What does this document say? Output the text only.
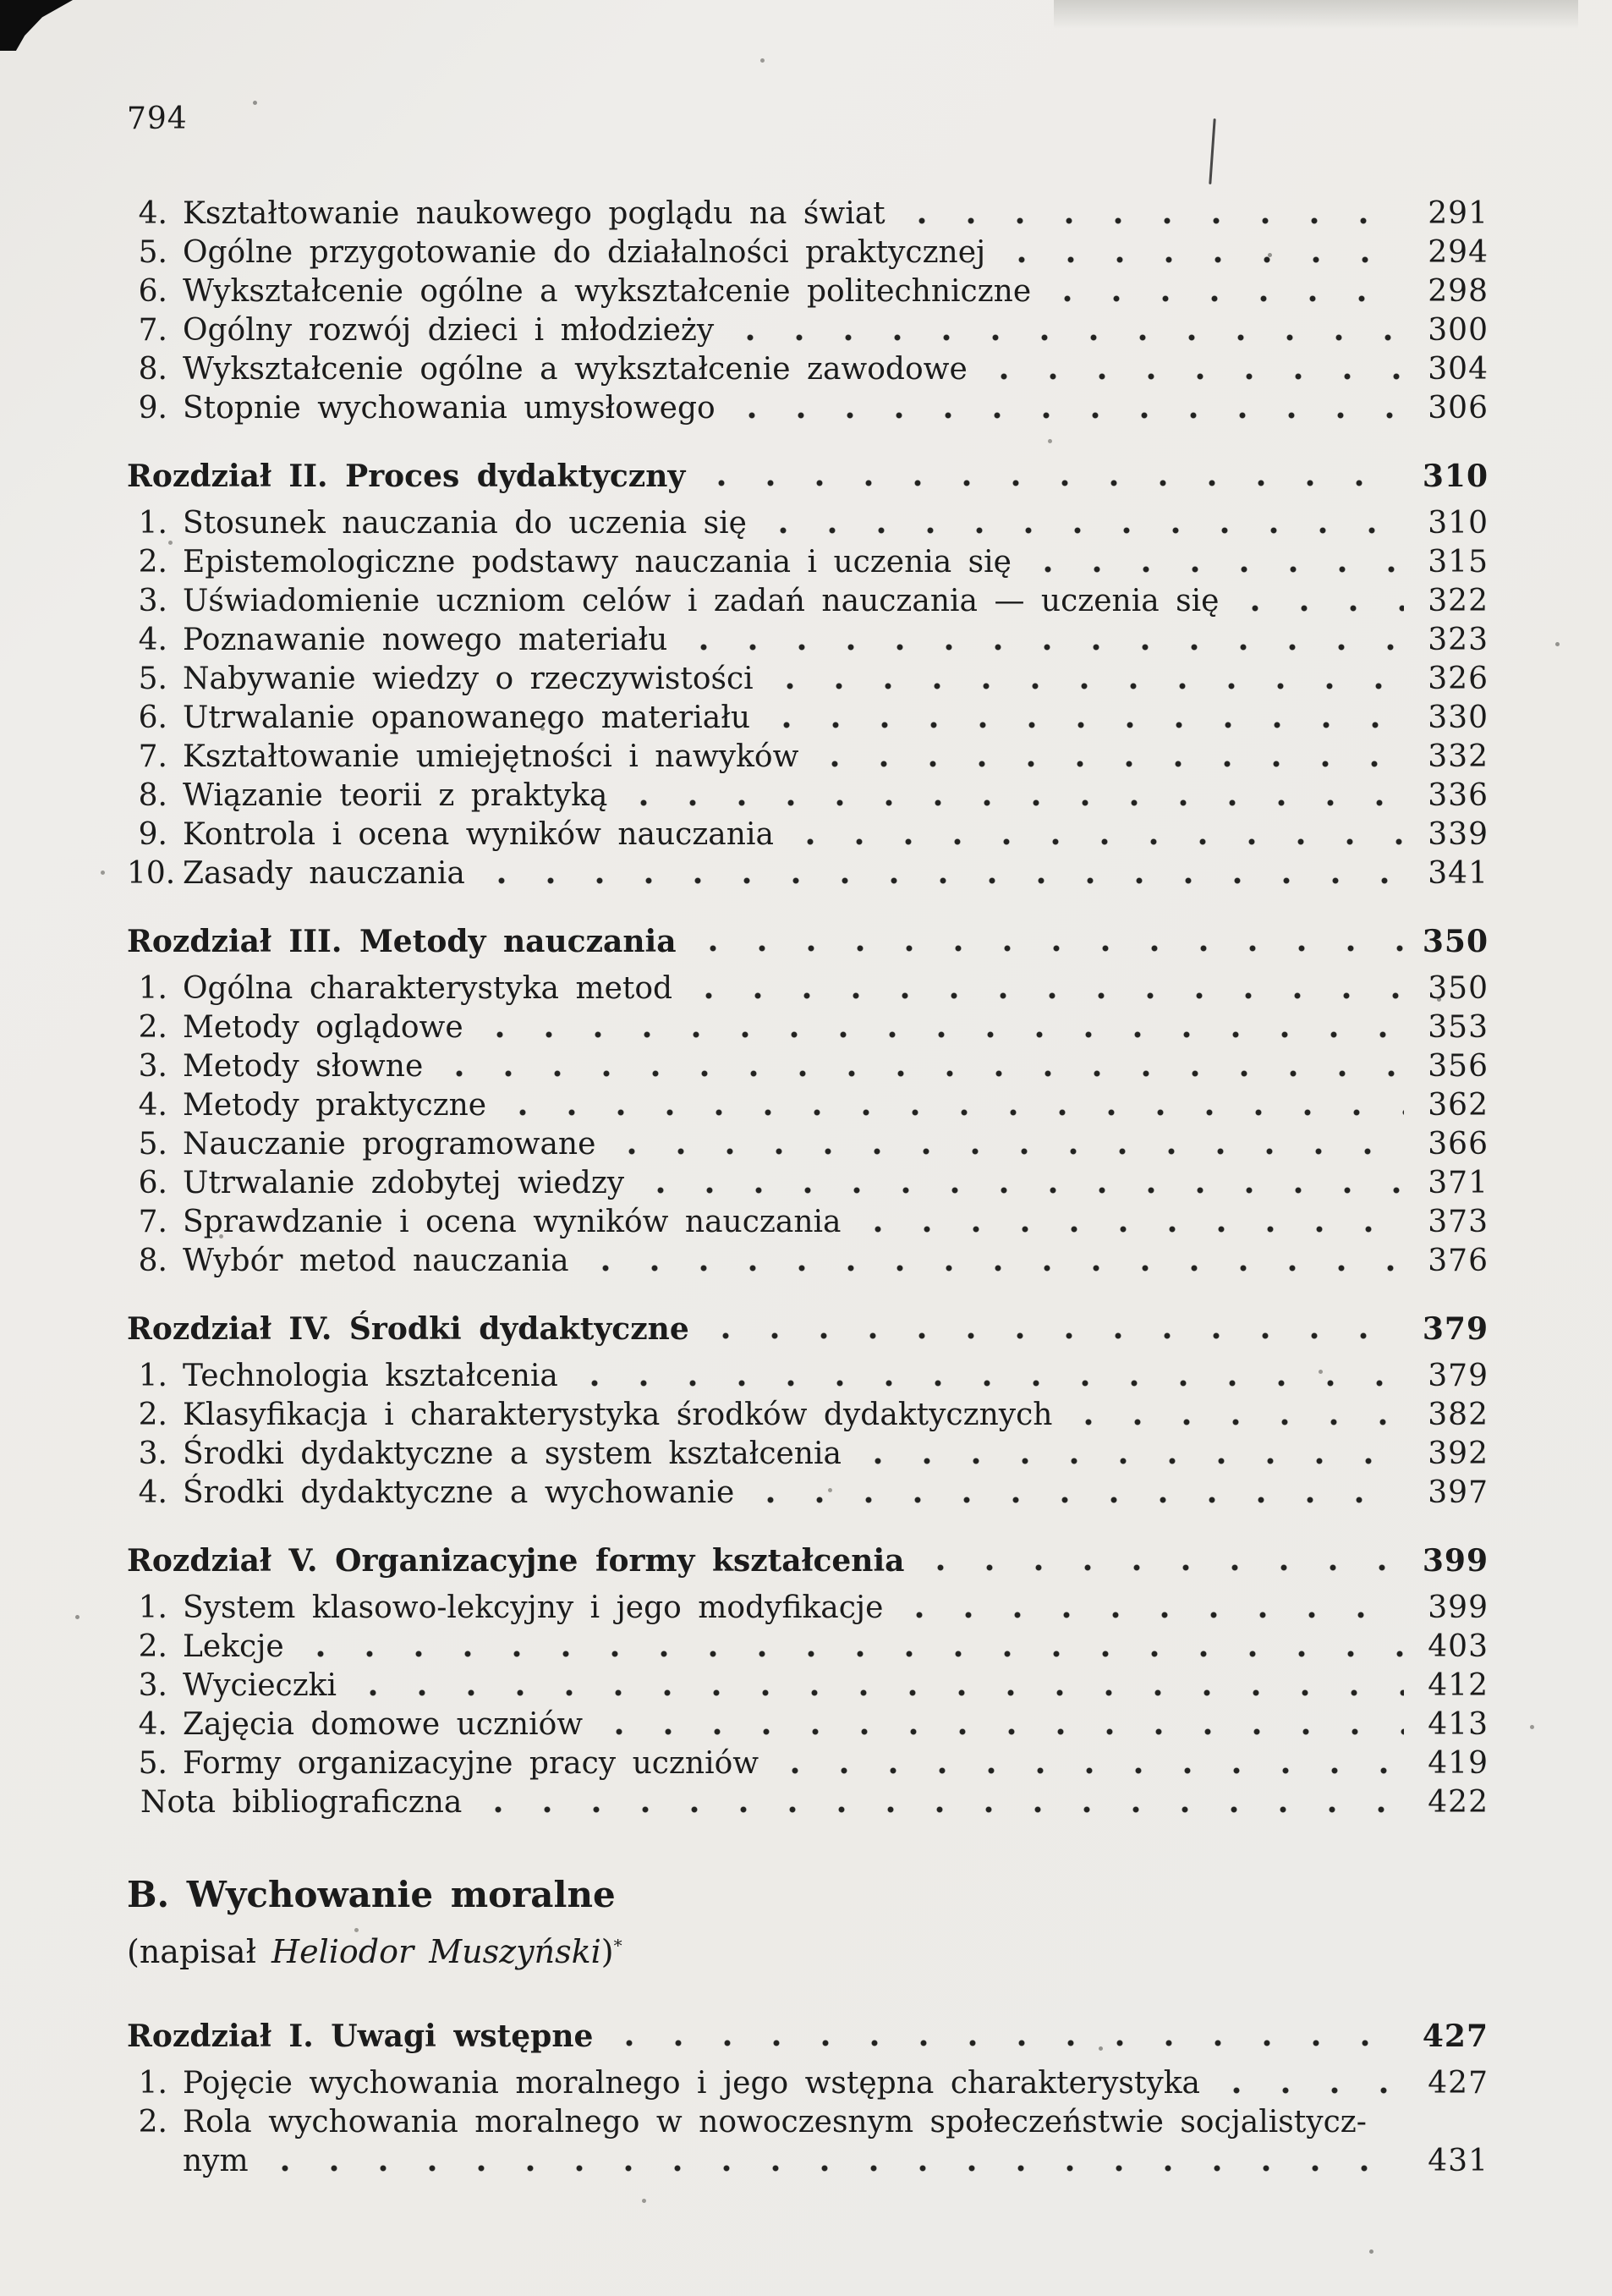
794
4. Kształtowanie naukowego poglądu na świat	291
5. Ogólne przygotowanie do działalności praktycznej	294
6. Wykształcenie ogólne a wykształcenie politechniczne	298
7. Ogólny rozwój dzieci i młodzieży	300
8. Wykształcenie ogólne a wykształcenie zawodowe	304
9. Stopnie wychowania umysłowego	306
Rozdział II. Proces dydaktyczny	310
1. Stosunek nauczania do uczenia się	310
2. Epistemologiczne podstawy nauczania i uczenia się	315
3. Uświadomienie uczniom celów i zadań nauczania — uczenia się	322
4. Poznawanie nowego materiału	323
5. Nabywanie wiedzy o rzeczywistości	326
6. Utrwalanie opanowanego materiału	330
7. Kształtowanie umiejętności i nawyków	332
8. Wiązanie teorii z praktyką	336
9. Kontrola i ocena wyników nauczania	339
10. Zasady nauczania	341
Rozdział III. Metody nauczania	350
1. Ogólna charakterystyka metod	350
2. Metody oglądowe	353
3. Metody słowne	356
4. Metody praktyczne	362
5. Nauczanie programowane	366
6. Utrwalanie zdobytej wiedzy	371
7. Sprawdzanie i ocena wyników nauczania	373
8. Wybór metod nauczania	376
Rozdział IV. Środki dydaktyczne	379
1. Technologia kształcenia	379
2. Klasyfikacja i charakterystyka środków dydaktycznych	382
3. Środki dydaktyczne a system kształcenia	392
4. Środki dydaktyczne a wychowanie	397
Rozdział V. Organizacyjne formy kształcenia	399
1. System klasowo-lekcyjny i jego modyfikacje	399
2. Lekcje	403
3. Wycieczki	412
4. Zajęcia domowe uczniów	413
5. Formy organizacyjne pracy uczniów	419
Nota bibliograficzna	422
B. Wychowanie moralne
(napisał Heliodor Muszyński)*
Rozdział I. Uwagi wstępne	427
1. Pojęcie wychowania moralnego i jego wstępna charakterystyka	427
2. Rola wychowania moralnego w nowoczesnym społeczeństwie socjalistycz-
nym	431
